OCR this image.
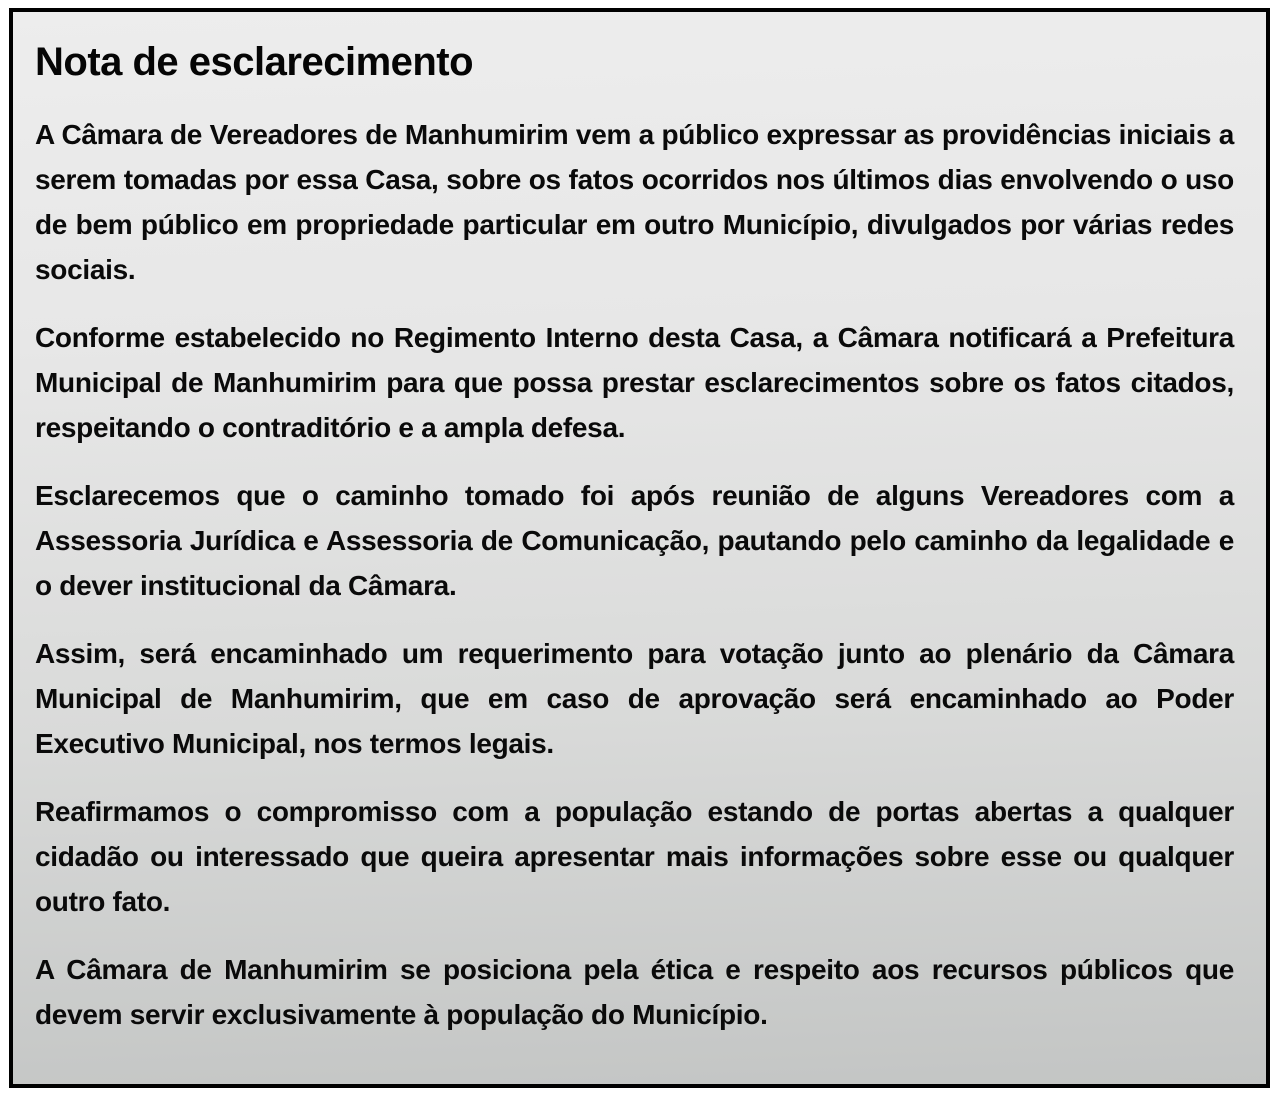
Nota de esclarecimento

A Câmara de Vereadores de Manhumirim vem a público expressar as providências iniciais a serem tomadas por essa Casa, sobre os fatos ocorridos nos últimos dias envolvendo o uso de bem público em propriedade particular em outro Município, divulgados por várias redes sociais.

Conforme estabelecido no Regimento Interno desta Casa, a Câmara notificará a Prefeitura Municipal de Manhumirim para que possa prestar esclarecimentos sobre os fatos citados, respeitando o contraditório e a ampla defesa.

Esclarecemos que o caminho tomado foi após reunião de alguns Vereadores com a Assessoria Jurídica e Assessoria de Comunicação, pautando pelo caminho da legalidade e o dever institucional da Câmara.

Assim, será encaminhado um requerimento para votação junto ao plenário da Câmara Municipal de Manhumirim, que em caso de aprovação será encaminhado ao Poder Executivo Municipal, nos termos legais.

Reafirmamos o compromisso com a população estando de portas abertas a qualquer cidadão ou interessado que queira apresentar mais informações sobre esse ou qualquer outro fato.

A Câmara de Manhumirim se posiciona pela ética e respeito aos recursos públicos que devem servir exclusivamente à população do Município.
